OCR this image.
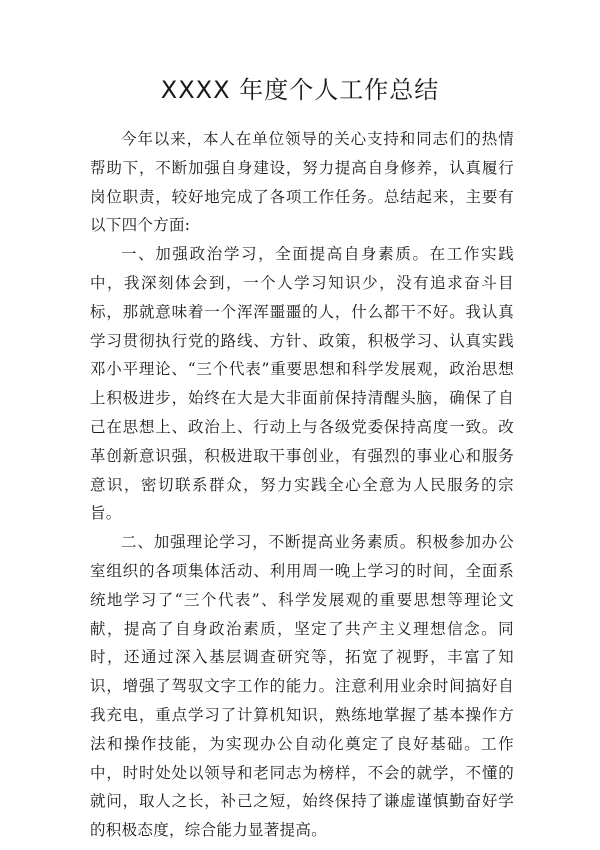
XXXX 年度个人工作总结

今年以来，本人在单位领导的关心支持和同志们的热情帮助下，不断加强自身建设，努力提高自身修养，认真履行岗位职责，较好地完成了各项工作任务。总结起来，主要有以下四个方面:

一、加强政治学习，全面提高自身素质。在工作实践中，我深刻体会到，一个人学习知识少，没有追求奋斗目标，那就意味着一个浑浑噩噩的人，什么都干不好。我认真学习贯彻执行党的路线、方针、政策，积极学习、认真实践邓小平理论、“三个代表”重要思想和科学发展观，政治思想上积极进步，始终在大是大非面前保持清醒头脑，确保了自己在思想上、政治上、行动上与各级党委保持高度一致。改革创新意识强，积极进取干事创业，有强烈的事业心和服务意识，密切联系群众，努力实践全心全意为人民服务的宗旨。

二、加强理论学习，不断提高业务素质。积极参加办公室组织的各项集体活动、利用周一晚上学习的时间，全面系统地学习了“三个代表”、科学发展观的重要思想等理论文献，提高了自身政治素质，坚定了共产主义理想信念。同时，还通过深入基层调查研究等，拓宽了视野，丰富了知识，增强了驾驭文字工作的能力。注意利用业余时间搞好自我充电，重点学习了计算机知识，熟练地掌握了基本操作方法和操作技能，为实现办公自动化奠定了良好基础。工作中，时时处处以领导和老同志为榜样，不会的就学，不懂的就问，取人之长，补己之短，始终保持了谦虚谨慎勤奋好学的积极态度，综合能力显著提高。
